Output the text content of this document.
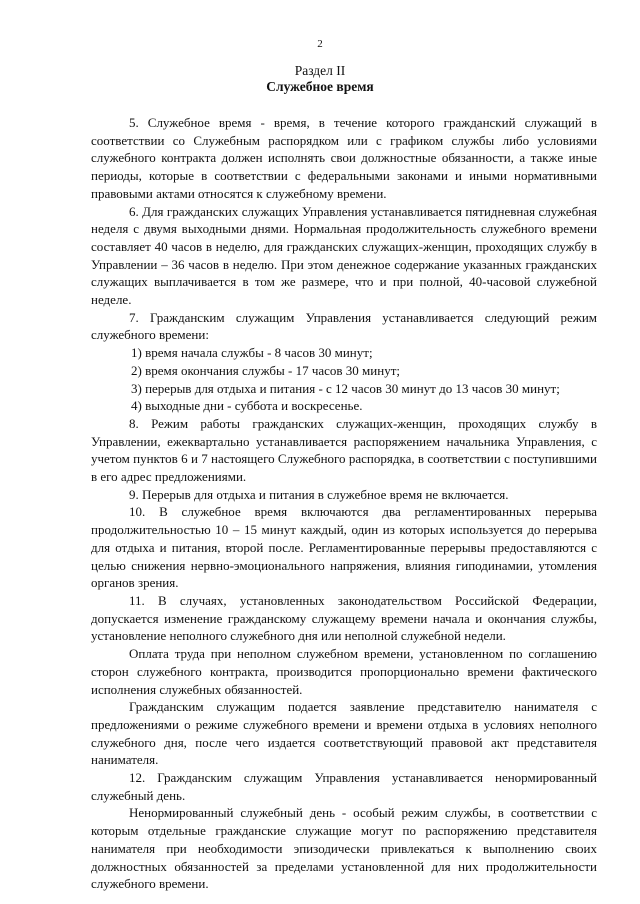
2
Раздел II
Служебное время

5. Служебное время - время, в течение которого гражданский служащий в соответствии со Служебным распорядком или с графиком службы либо условиями служебного контракта должен исполнять свои должностные обязанности, а также иные периоды, которые в соответствии с федеральными законами и иными нормативными правовыми актами относятся к служебному времени.

6. Для гражданских служащих Управления устанавливается пятидневная служебная неделя с двумя выходными днями. Нормальная продолжительность служебного времени составляет 40 часов в неделю, для гражданских служащих-женщин, проходящих службу в Управлении – 36 часов в неделю. При этом денежное содержание указанных гражданских служащих выплачивается в том же размере, что и при полной, 40-часовой служебной неделе.

7. Гражданским служащим Управления устанавливается следующий режим служебного времени:

1) время начала службы - 8 часов 30 минут;

2) время окончания службы - 17 часов 30 минут;

3) перерыв для отдыха и питания - с 12 часов 30 минут до 13 часов 30 минут;

4) выходные дни - суббота и воскресенье.

8. Режим работы гражданских служащих-женщин, проходящих службу в Управлении, ежеквартально устанавливается распоряжением начальника Управления, с учетом пунктов 6 и 7 настоящего Служебного распорядка, в соответствии с поступившими в его адрес предложениями.

9. Перерыв для отдыха и питания в служебное время не включается.

10. В служебное время включаются два регламентированных перерыва продолжительностью 10 – 15 минут каждый, один из которых используется до перерыва для отдыха и питания, второй после. Регламентированные перерывы предоставляются с целью снижения нервно-эмоционального напряжения, влияния гиподинамии, утомления органов зрения.

11. В случаях, установленных законодательством Российской Федерации, допускается изменение гражданскому служащему времени начала и окончания службы, установление неполного служебного дня или неполной служебной недели.

Оплата труда при неполном служебном времени, установленном по соглашению сторон служебного контракта, производится пропорционально времени фактического исполнения служебных обязанностей.

Гражданским служащим подается заявление представителю нанимателя с предложениями о режиме служебного времени и времени отдыха в условиях неполного служебного дня, после чего издается соответствующий правовой акт представителя нанимателя.

12. Гражданским служащим Управления устанавливается ненормированный служебный день.

Ненормированный служебный день - особый режим службы, в соответствии с которым отдельные гражданские служащие могут по распоряжению представителя нанимателя при необходимости эпизодически привлекаться к выполнению своих должностных обязанностей за пределами установленной для них продолжительности служебного времени.
